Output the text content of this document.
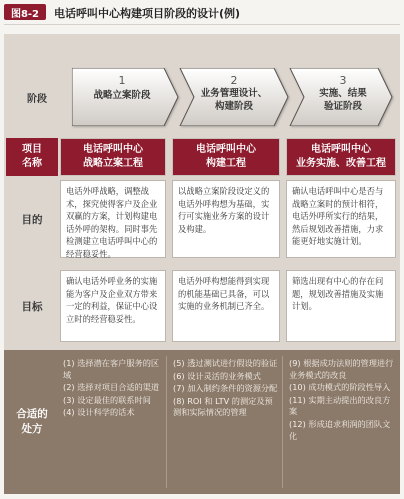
图8-2	电话呼叫中心构建项目阶段的设计(例)
阶段
1
战略立案阶段
2
业务管理设计、
构建阶段
3
实施、结果
验证阶段
项目
名称
电话呼叫中心
战略立案工程
电话呼叫中心
构建工程
电话呼叫中心
业务实施、改善工程
目的
电话外呼战略，调整战术，探究使得客户及企业双赢的方案，计划构建电话外呼的架构。同时事先检测建立电话呼叫中心的经营稳妥性。
以战略立案阶段设定义的电话外呼构想为基础，实行可实施业务方案的设计及构建。
确认电话呼叫中心是否与战略立案时的预计相符，电话外呼所实行的结果，然后规划改善措施，力求能更好地实施计划。
目标
确认电话外呼业务的实施能为客户及企业双方带来一定的利益，保证中心设立时的经营稳妥性。
电话外呼构想能得到实现的机能基础已具备，可以实施的业务机制已齐全。
筛选出现有中心的存在问题，规划改善措施及实施计划。
合适的
处方
(1) 选择潜在客户服务的区域
(2) 选择对项目合适的渠道
(3) 设定最佳的联系时间
(4) 设计科学的话术
(5) 透过测试进行假设的验证
(6) 设计灵活的业务模式
(7) 加入制约条件的资源分配
(8) ROI 和 LTV 的测定及预测和实际情况的管理
(9) 根据成功法则的管理进行业务模式的改良
(10) 成功模式的阶段性导入
(11) 实期主动提出的改良方案
(12) 形成追求利润的团队文化
